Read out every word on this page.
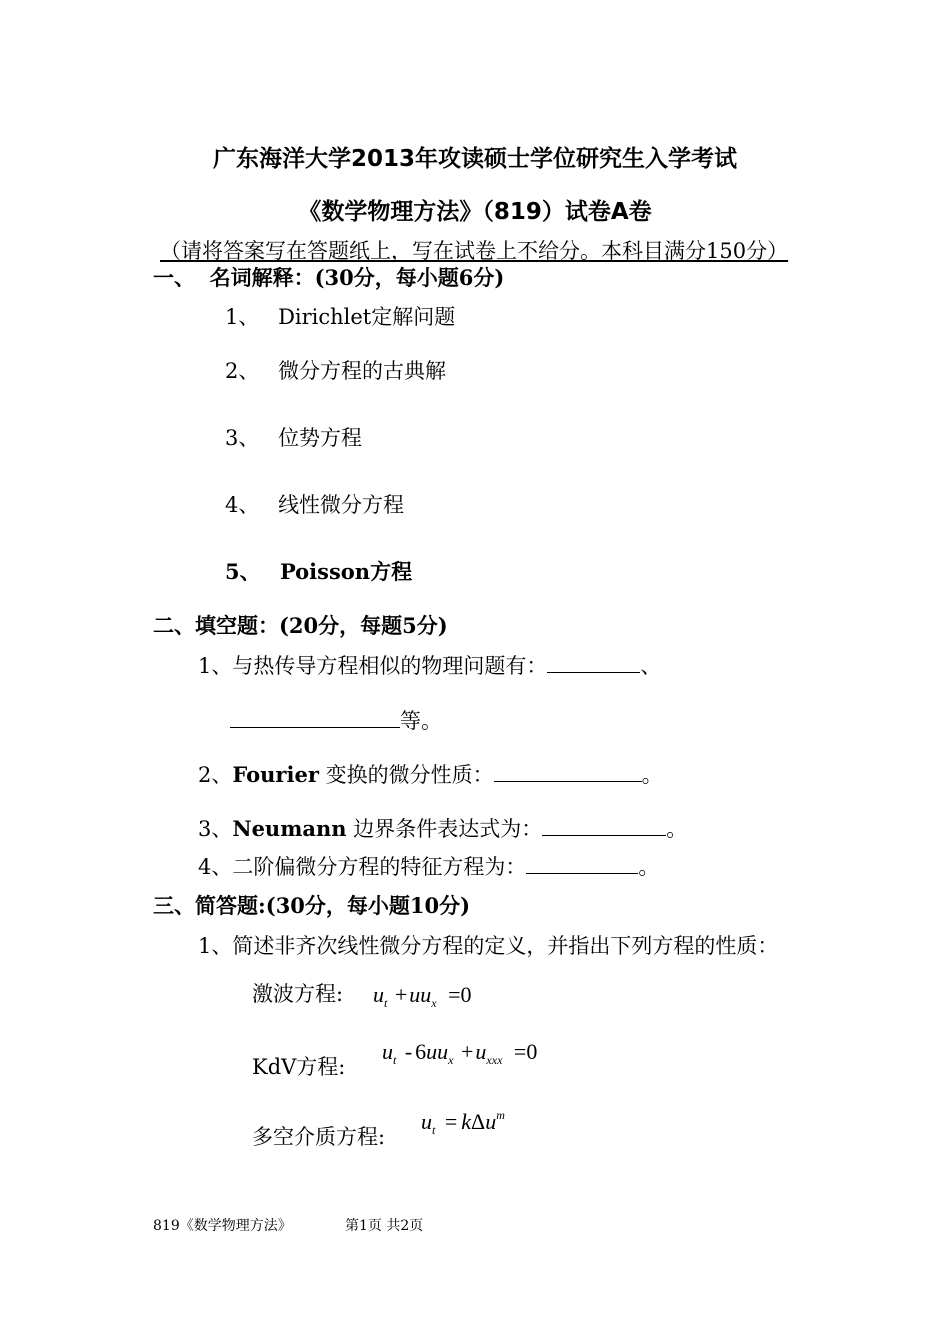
广东海洋大学2013年攻读硕士学位研究生入学考试
《数学物理方法》（819）试卷A卷
（请将答案写在答题纸上，写在试卷上不给分。本科目满分150分）
一、  名词解释：(30分，每小题6分)
1、 Dirichlet定解问题
2、 微分方程的古典解
3、 位势方程
4、 线性微分方程
5、 Poisson方程
二、填空题：(20分，每题5分)
1、与热传导方程相似的物理问题有：	、
等。
2、Fourier 变换的微分性质：	。
3、Neumann 边界条件表达式为：	。
4、二阶偏微分方程的特征方程为：	。
三、简答题:(30分，每小题10分)
1、简述非齐次线性微分方程的定义，并指出下列方程的性质：
激波方程: $u_t +uu_x =0$
KdV方程:
$u_t - 6uu_x +u_{xxx} =0$
多空介质方程:
$u_t = k\Delta u^m$
819《数学物理方法》	第1页 共2页
